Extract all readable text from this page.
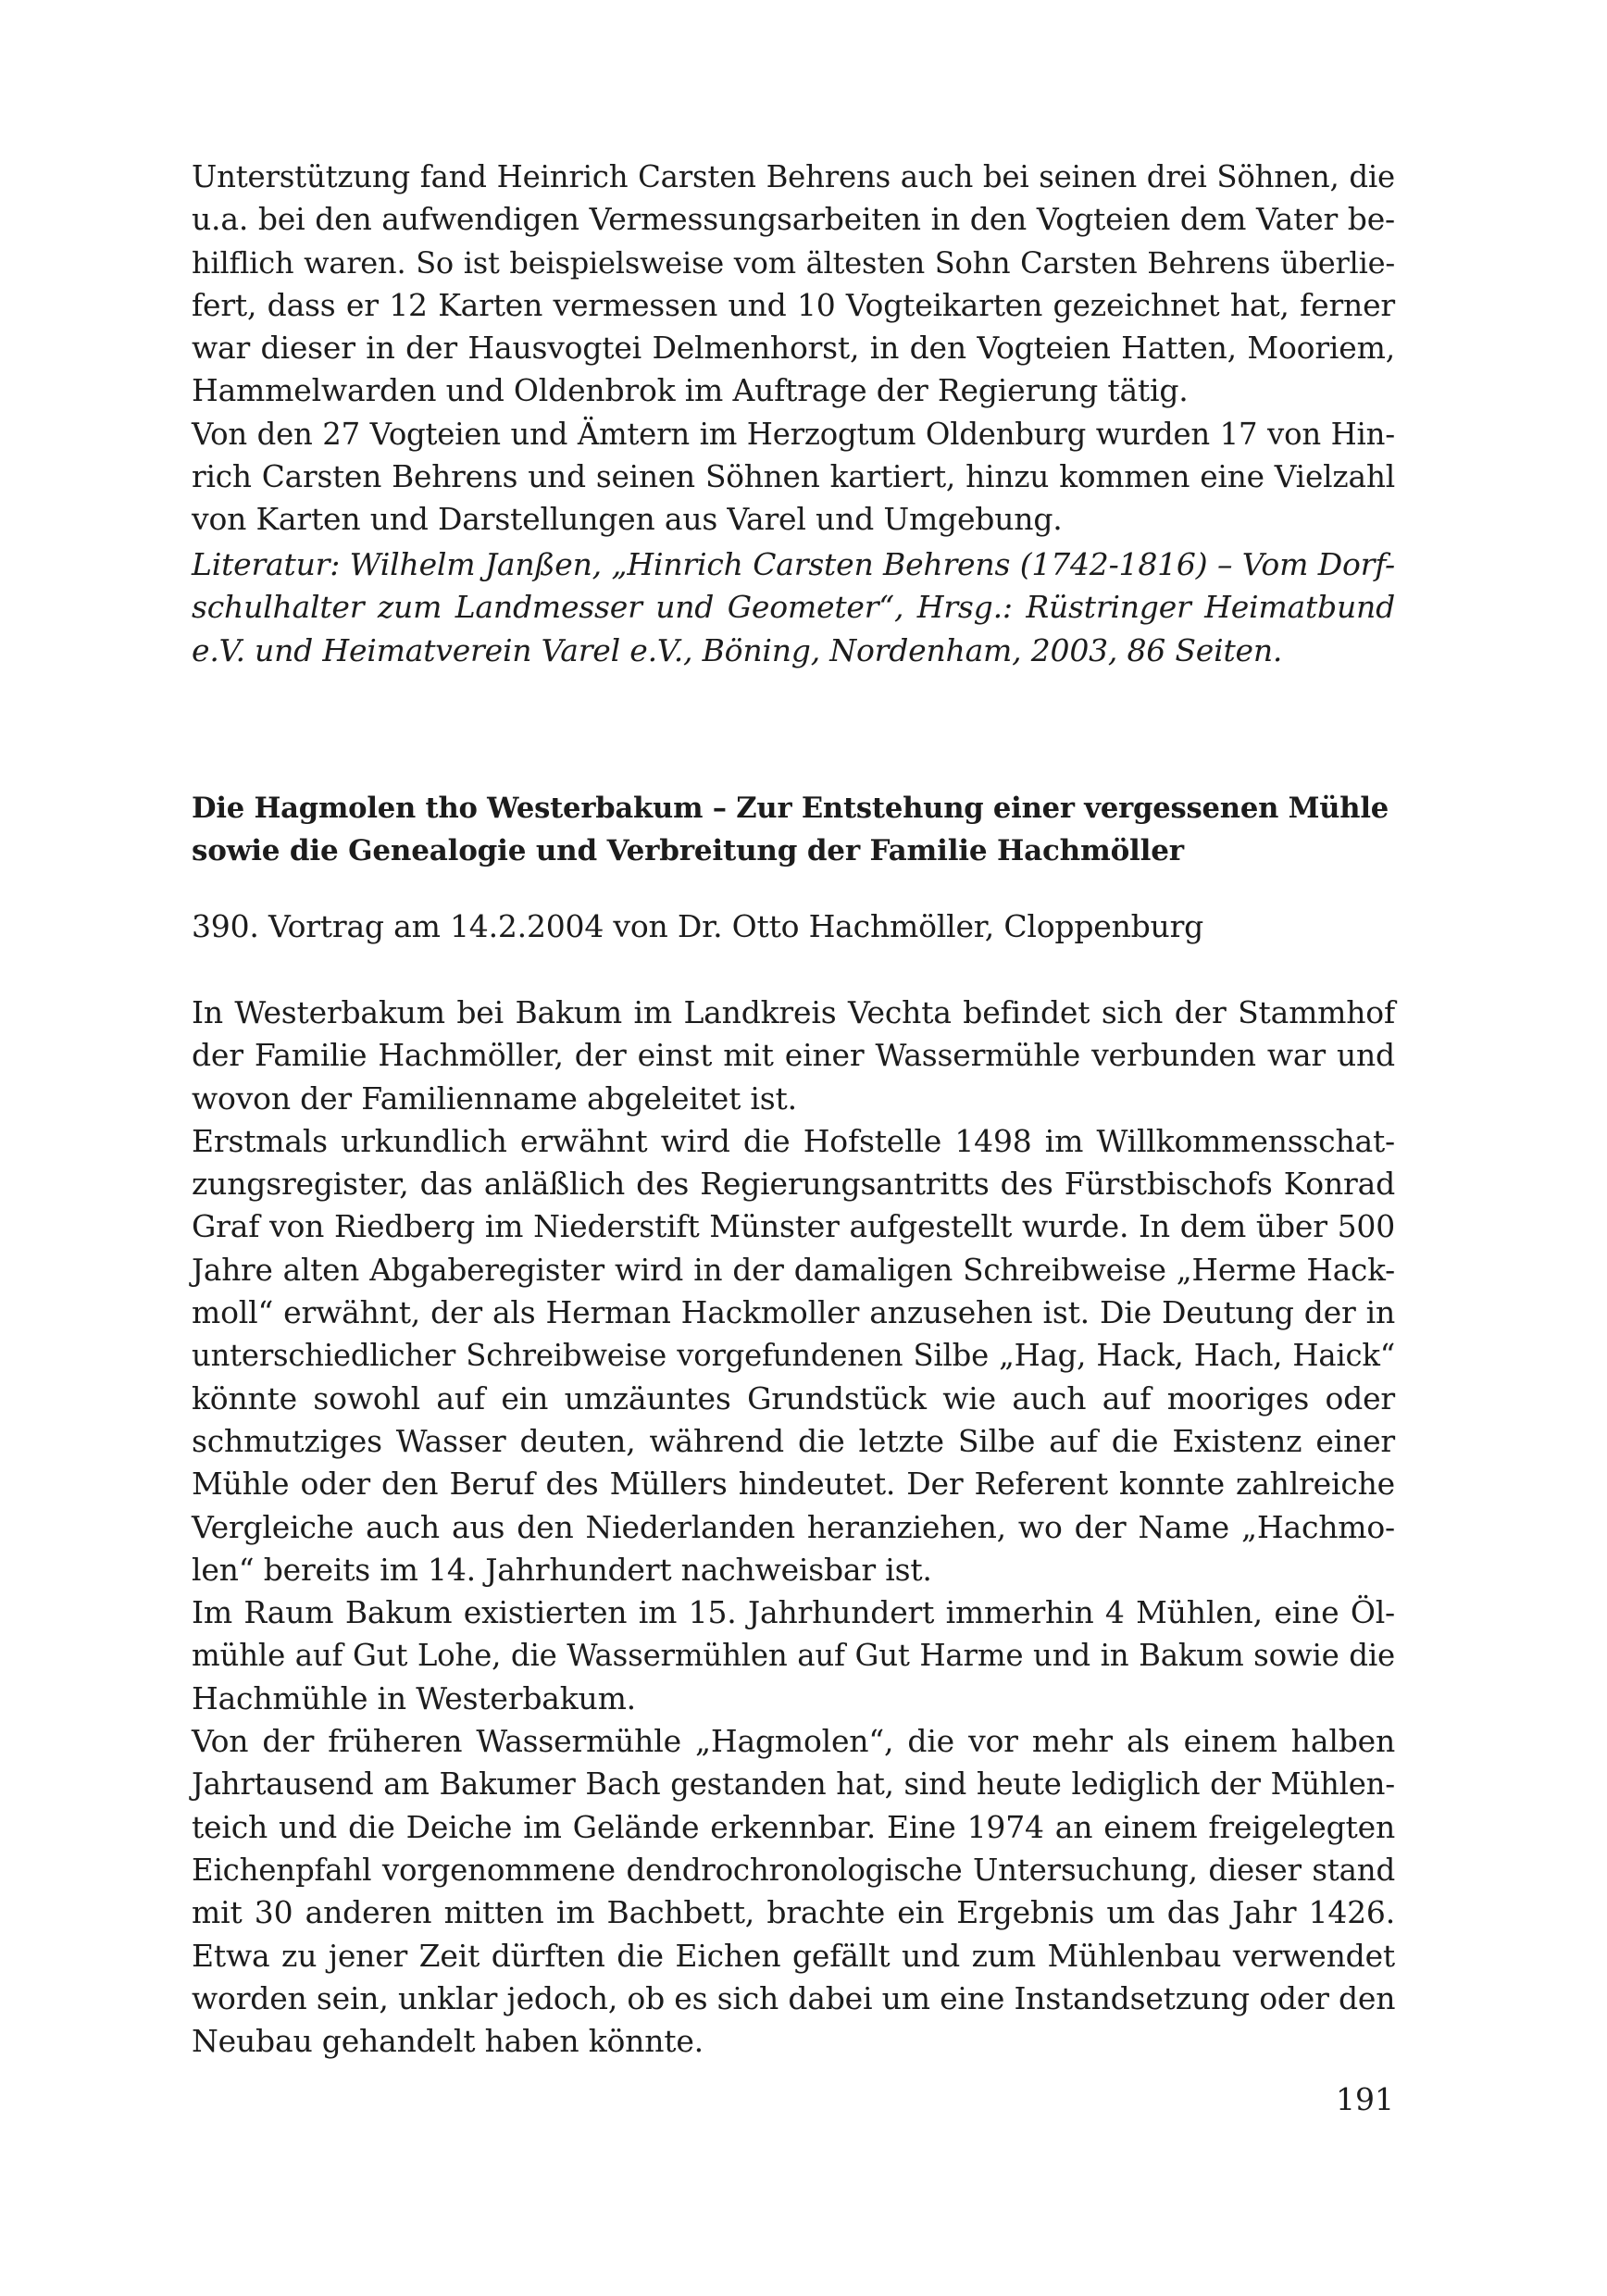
Unterstützung fand Heinrich Carsten Behrens auch bei seinen drei Söhnen, die
u.a. bei den aufwendigen Vermessungsarbeiten in den Vogteien dem Vater be-
hilflich waren. So ist beispielsweise vom ältesten Sohn Carsten Behrens überlie-
fert, dass er 12 Karten vermessen und 10 Vogteikarten gezeichnet hat, ferner
war dieser in der Hausvogtei Delmenhorst, in den Vogteien Hatten, Mooriem,
Hammelwarden und Oldenbrok im Auftrage der Regierung tätig.
Von den 27 Vogteien und Ämtern im Herzogtum Oldenburg wurden 17 von Hin-
rich Carsten Behrens und seinen Söhnen kartiert, hinzu kommen eine Vielzahl
von Karten und Darstellungen aus Varel und Umgebung.
Literatur: Wilhelm Janßen, „Hinrich Carsten Behrens (1742-1816) – Vom Dorf-
schulhalter zum Landmesser und Geometer“, Hrsg.: Rüstringer Heimatbund
e.V. und Heimatverein Varel e.V., Böning, Nordenham, 2003, 86 Seiten.
Die Hagmolen tho Westerbakum – Zur Entstehung einer vergessenen Mühle
sowie die Genealogie und Verbreitung der Familie Hachmöller
390. Vortrag am 14.2.2004 von Dr. Otto Hachmöller, Cloppenburg
In Westerbakum bei Bakum im Landkreis Vechta befindet sich der Stammhof
der Familie Hachmöller, der einst mit einer Wassermühle verbunden war und
wovon der Familienname abgeleitet ist.
Erstmals urkundlich erwähnt wird die Hofstelle 1498 im Willkommensschat-
zungsregister, das anläßlich des Regierungsantritts des Fürstbischofs Konrad
Graf von Riedberg im Niederstift Münster aufgestellt wurde. In dem über 500
Jahre alten Abgaberegister wird in der damaligen Schreibweise „Herme Hack-
moll“ erwähnt, der als Herman Hackmoller anzusehen ist. Die Deutung der in
unterschiedlicher Schreibweise vorgefundenen Silbe „Hag, Hack, Hach, Haick“
könnte sowohl auf ein umzäuntes Grundstück wie auch auf mooriges oder
schmutziges Wasser deuten, während die letzte Silbe auf die Existenz einer
Mühle oder den Beruf des Müllers hindeutet. Der Referent konnte zahlreiche
Vergleiche auch aus den Niederlanden heranziehen, wo der Name „Hachmo-
len“ bereits im 14. Jahrhundert nachweisbar ist.
Im Raum Bakum existierten im 15. Jahrhundert immerhin 4 Mühlen, eine Öl-
mühle auf Gut Lohe, die Wassermühlen auf Gut Harme und in Bakum sowie die
Hachmühle in Westerbakum.
Von der früheren Wassermühle „Hagmolen“, die vor mehr als einem halben
Jahrtausend am Bakumer Bach gestanden hat, sind heute lediglich der Mühlen-
teich und die Deiche im Gelände erkennbar. Eine 1974 an einem freigelegten
Eichenpfahl vorgenommene dendrochronologische Untersuchung, dieser stand
mit 30 anderen mitten im Bachbett, brachte ein Ergebnis um das Jahr 1426.
Etwa zu jener Zeit dürften die Eichen gefällt und zum Mühlenbau verwendet
worden sein, unklar jedoch, ob es sich dabei um eine Instandsetzung oder den
Neubau gehandelt haben könnte.
191
